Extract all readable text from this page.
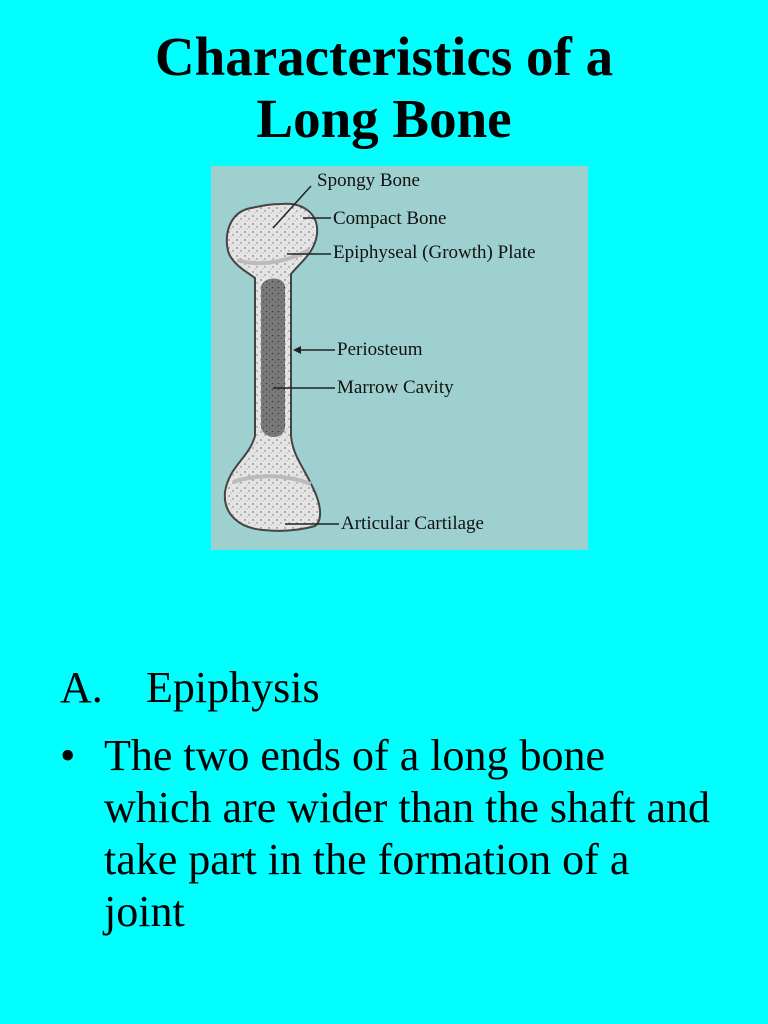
Characteristics of a
Long Bone
Spongy Bone
Compact Bone
Epiphyseal (Growth) Plate
Periosteum
Marrow Cavity
Articular Cartilage
A. Epiphysis
• The two ends of a long bone which are wider than the shaft and take part in the formation of a joint
